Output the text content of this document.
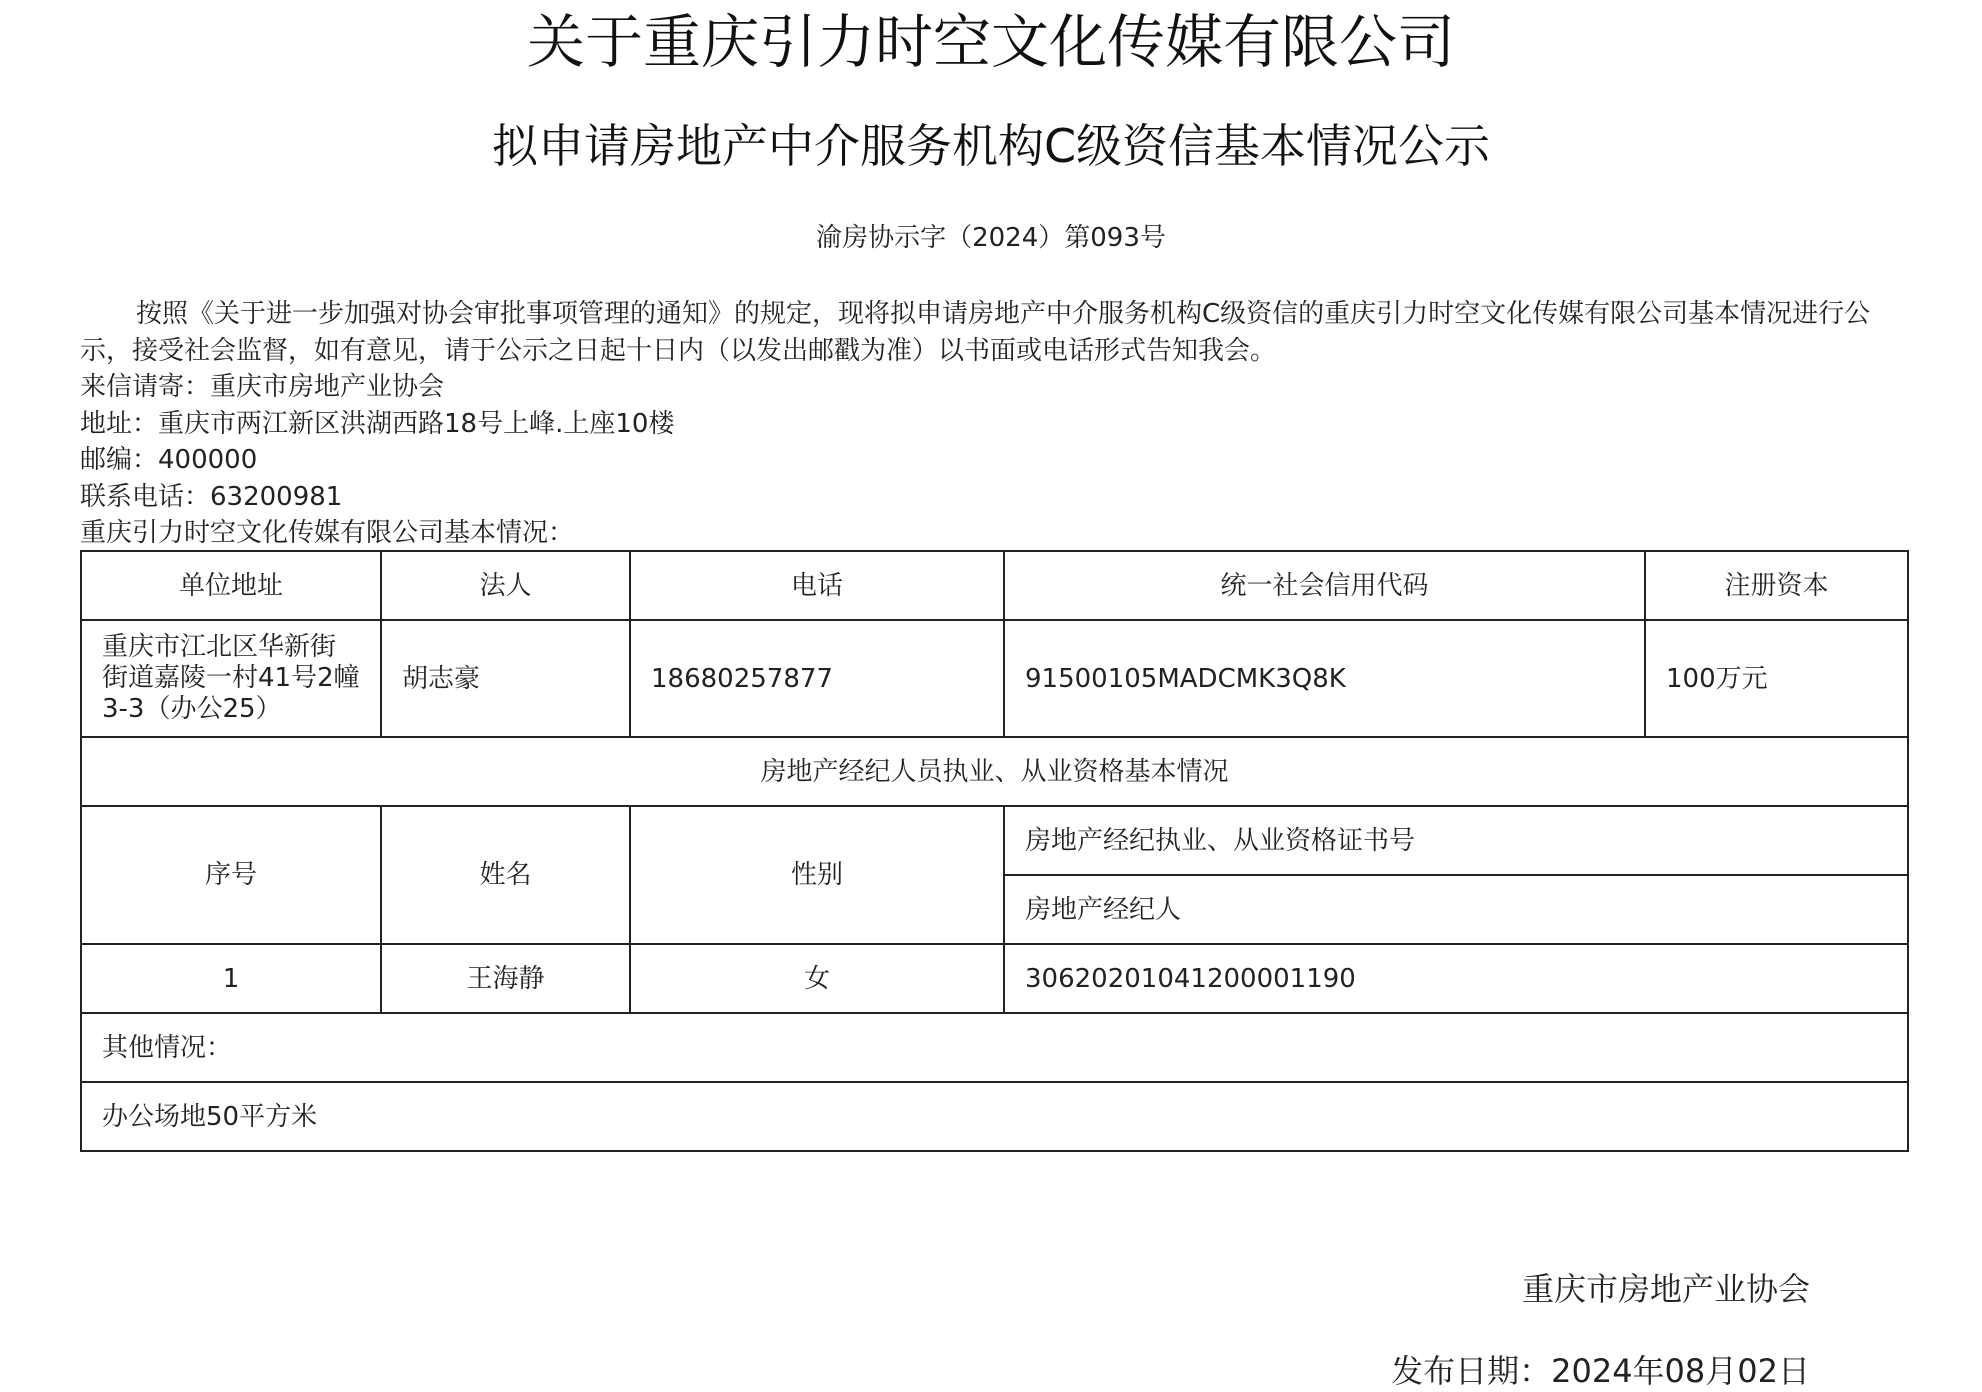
关于重庆引力时空文化传媒有限公司
拟申请房地产中介服务机构C级资信基本情况公示
渝房协示字（2024）第093号

按照《关于进一步加强对协会审批事项管理的通知》的规定，现将拟申请房地产中介服务机构C级资信的重庆引力时空文化传媒有限公司基本情况进行公示，接受社会监督，如有意见，请于公示之日起十日内（以发出邮戳为准）以书面或电话形式告知我会。

来信请寄：重庆市房地产业协会

地址：重庆市两江新区洪湖西路18号上峰.上座10楼

邮编：400000

联系电话：63200981

重庆引力时空文化传媒有限公司基本情况：

单位地址	法人	电话	统一社会信用代码	注册资本
重庆市江北区华新街街道嘉陵一村41号2幢3-3（办公25）	胡志豪	18680257877	91500105MADCMK3Q8K	100万元
房地产经纪人员执业、从业资格基本情况				
序号	姓名	性别	房地产经纪执业、从业资格证书号	
			房地产经纪人	
1	王海静	女	30620201041200001190	
其他情况：				
办公场地50平方米				
重庆市房地产业协会
发布日期：2024年08月02日
